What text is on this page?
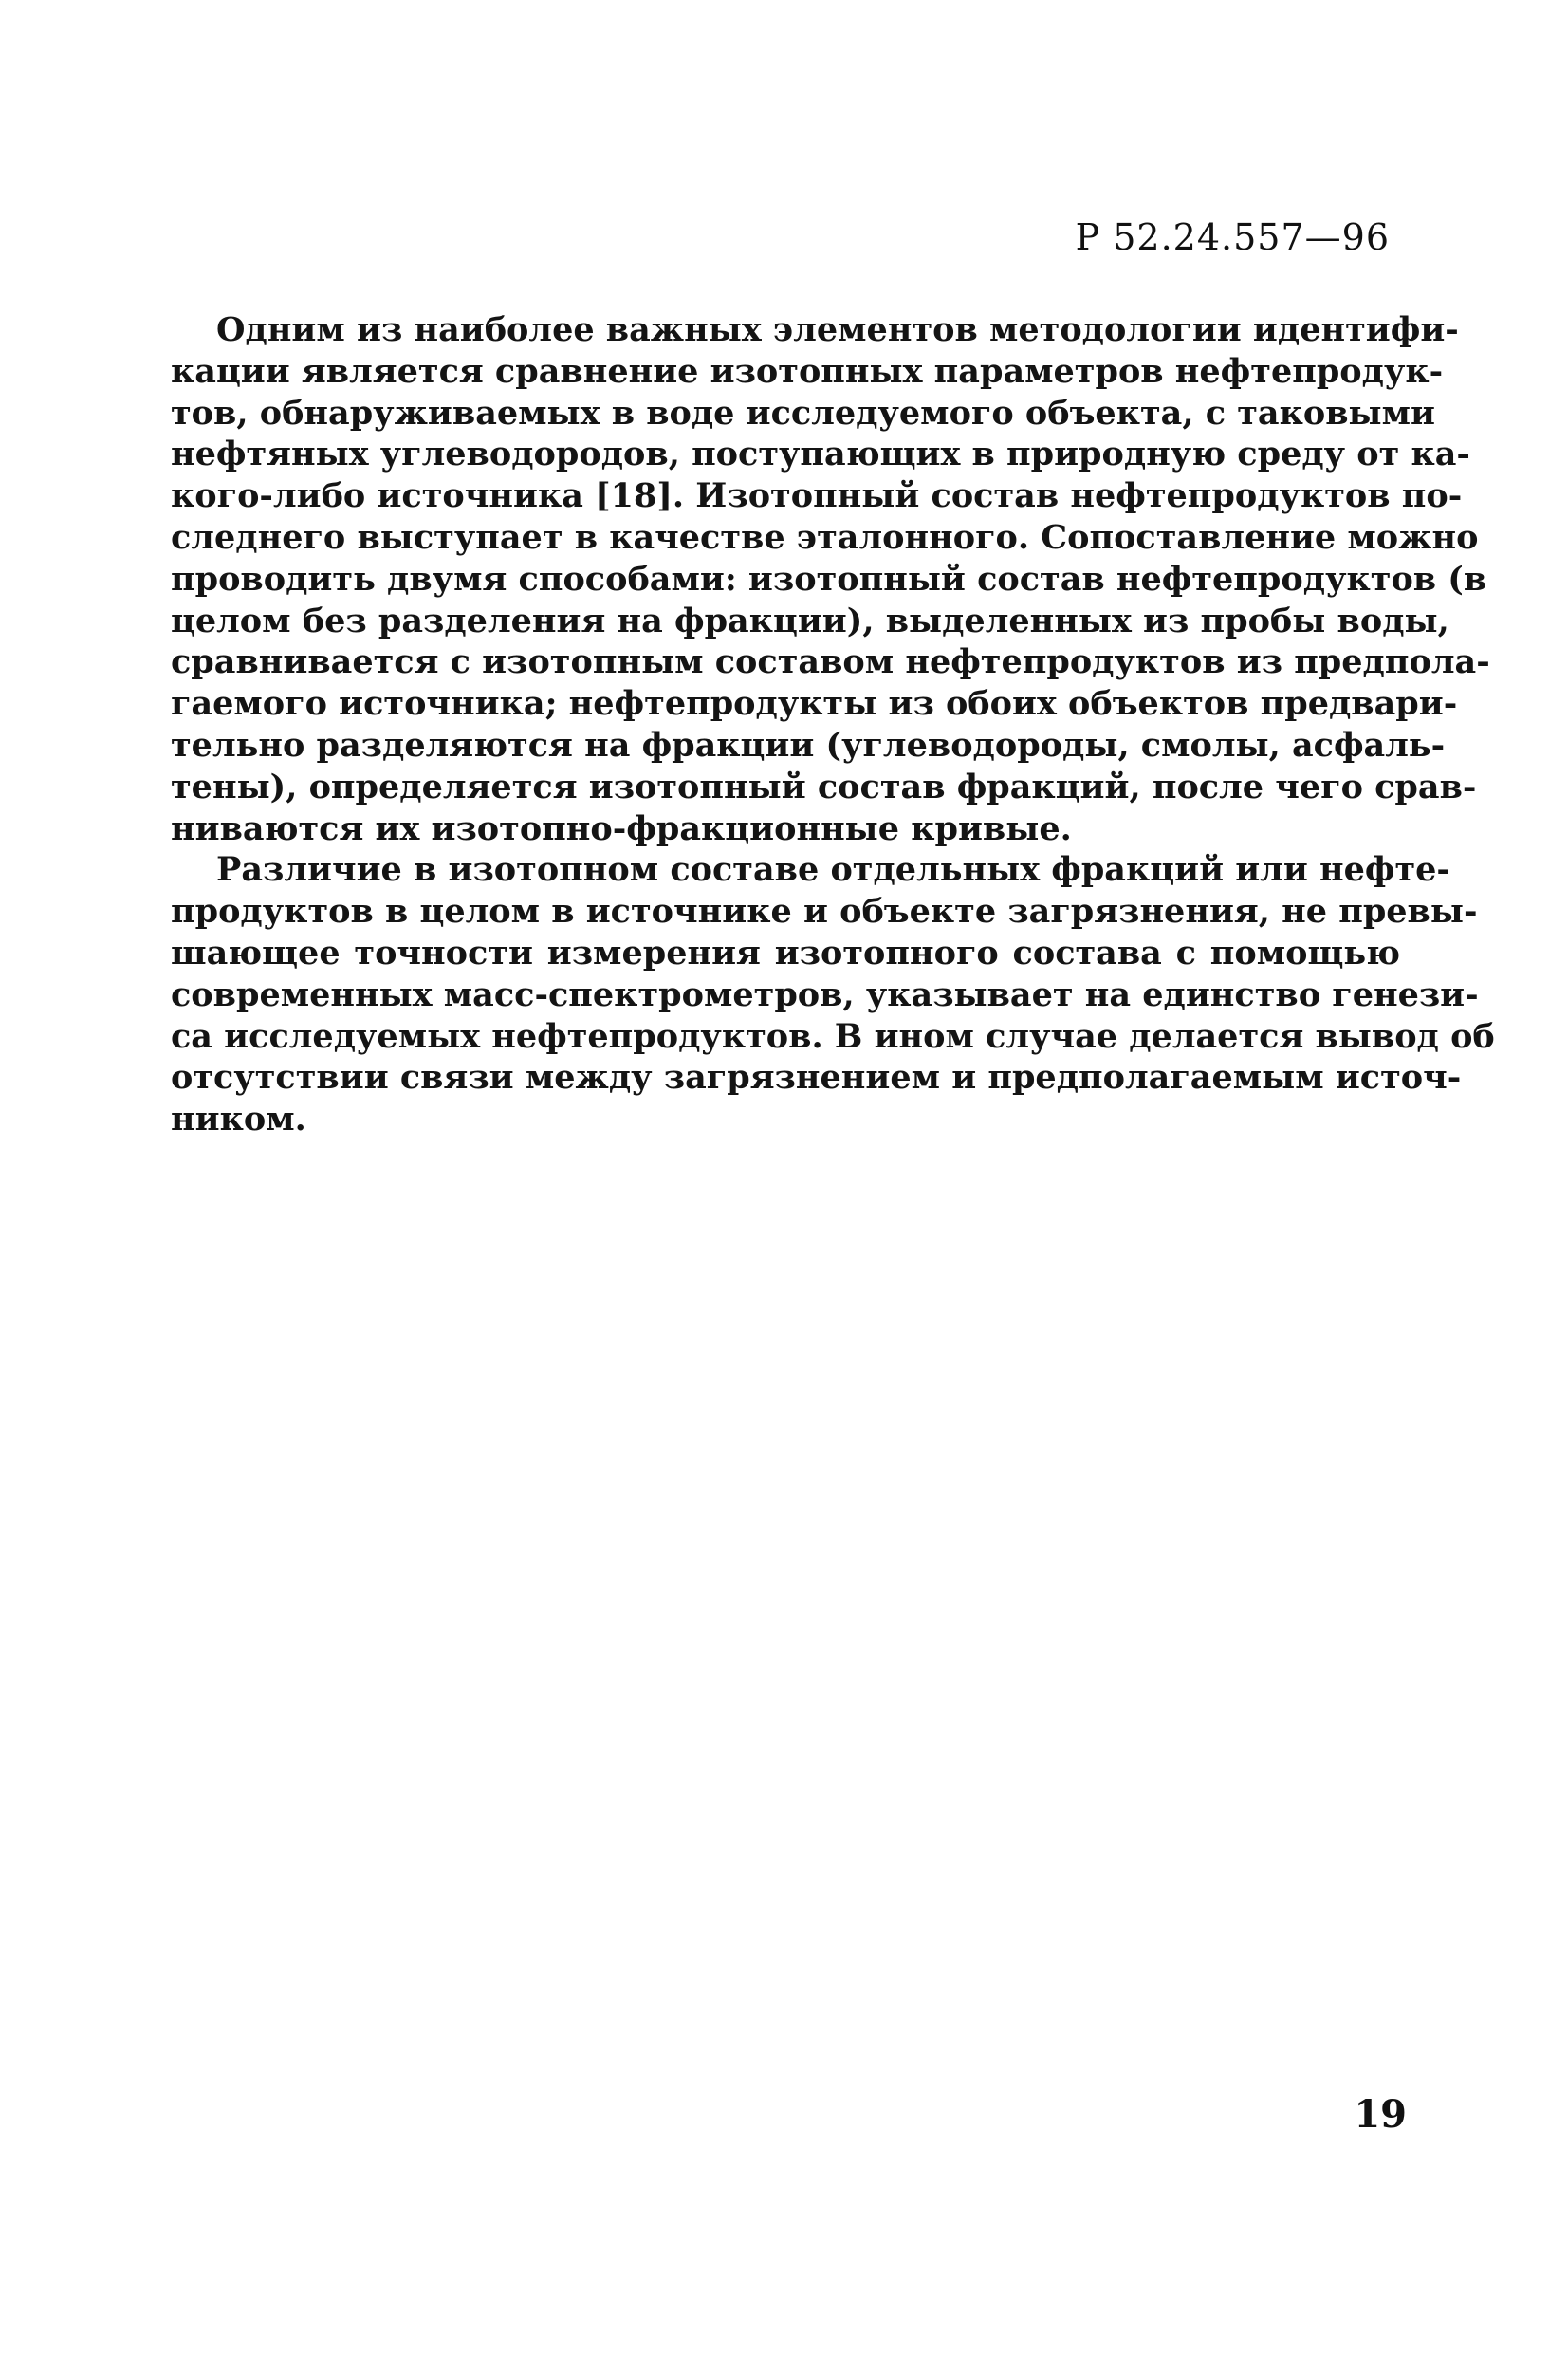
Р 52.24.557—96
Одним из наиболее важных элементов методологии идентифи-
кации является сравнение изотопных параметров нефтепродук-
тов, обнаруживаемых в воде исследуемого объекта, с таковыми
нефтяных углеводородов, поступающих в природную среду от ка-
кого-либо источника [18]. Изотопный состав нефтепродуктов по-
следнего выступает в качестве эталонного. Сопоставление можно
проводить двумя способами: изотопный состав нефтепродуктов (в
целом без разделения на фракции), выделенных из пробы воды,
сравнивается с изотопным составом нефтепродуктов из предпола-
гаемого источника; нефтепродукты из обоих объектов предвари-
тельно разделяются на фракции (углеводороды, смолы, асфаль-
тены), определяется изотопный состав фракций, после чего срав-
ниваются их изотопно-фракционные кривые.
Различие в изотопном составе отдельных фракций или нефте-
продуктов в целом в источнике и объекте загрязнения, не превы-
шающее точности измерения изотопного состава с помощью
современных масс-спектрометров, указывает на единство генези-
са исследуемых нефтепродуктов. В ином случае делается вывод об
отсутствии связи между загрязнением и предполагаемым источ-
ником.
19
